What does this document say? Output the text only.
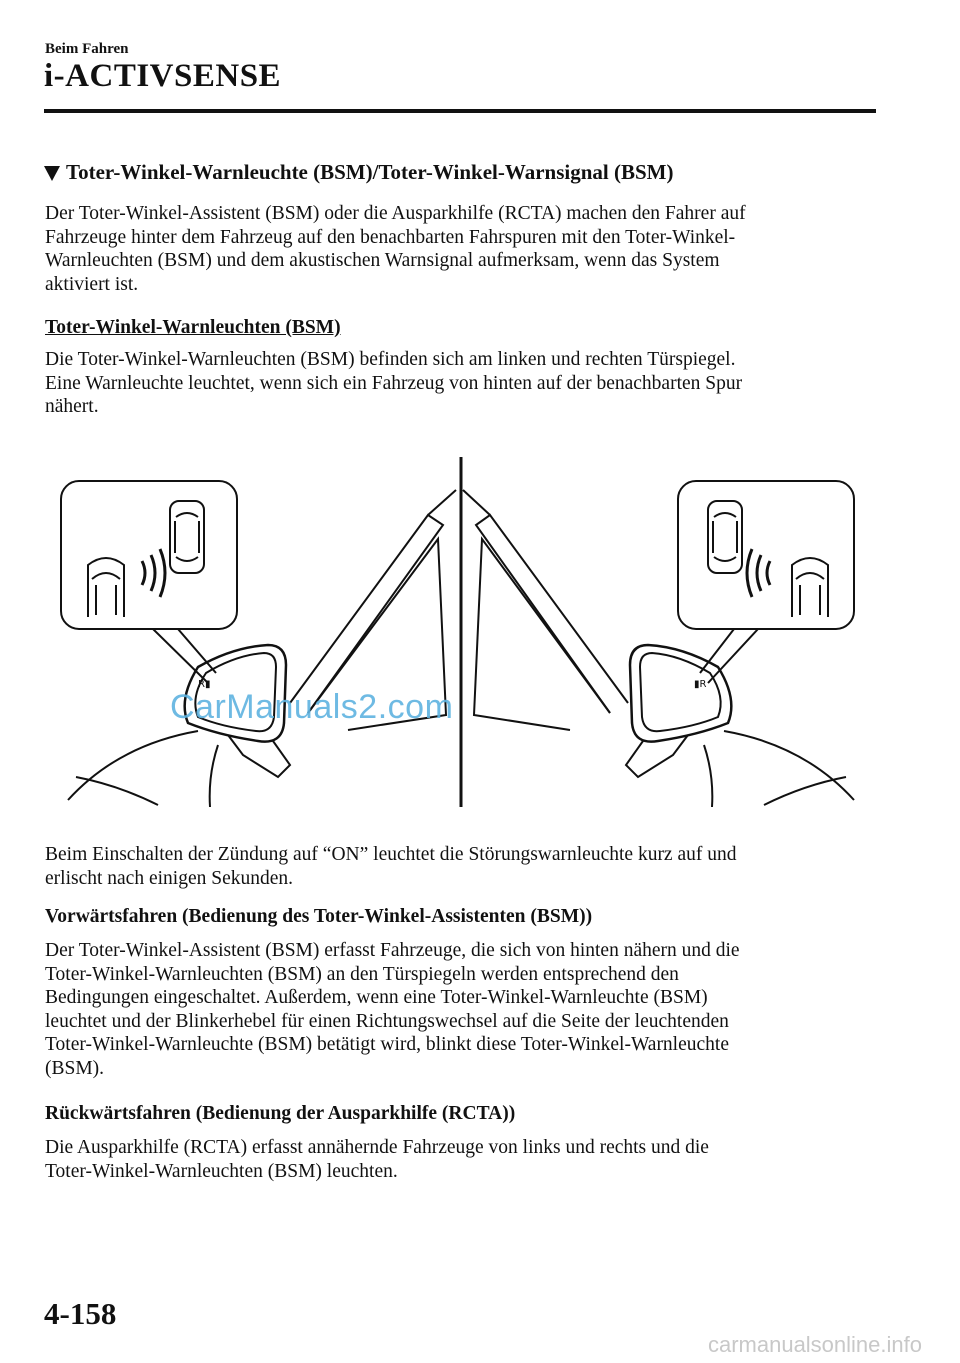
Beim Fahren
i-ACTIVSENSE
Toter-Winkel-Warnleuchte (BSM)/Toter-Winkel-Warnsignal (BSM)
Der Toter-Winkel-Assistent (BSM) oder die Ausparkhilfe (RCTA) machen den Fahrer auf
Fahrzeuge hinter dem Fahrzeug auf den benachbarten Fahrspuren mit den Toter-Winkel-
Warnleuchten (BSM) und dem akustischen Warnsignal aufmerksam, wenn das System
aktiviert ist.
Toter-Winkel-Warnleuchten (BSM)
Die Toter-Winkel-Warnleuchten (BSM) befinden sich am linken und rechten Türspiegel.
Eine Warnleuchte leuchtet, wenn sich ein Fahrzeug von hinten auf der benachbarten Spur
nähert.
R▮	▮R
CarManuals2.com
Beim Einschalten der Zündung auf “ON” leuchtet die Störungswarnleuchte kurz auf und
erlischt nach einigen Sekunden.
Vorwärtsfahren (Bedienung des Toter-Winkel-Assistenten (BSM))
Der Toter-Winkel-Assistent (BSM) erfasst Fahrzeuge, die sich von hinten nähern und die
Toter-Winkel-Warnleuchten (BSM) an den Türspiegeln werden entsprechend den
Bedingungen eingeschaltet. Außerdem, wenn eine Toter-Winkel-Warnleuchte (BSM)
leuchtet und der Blinkerhebel für einen Richtungswechsel auf die Seite der leuchtenden
Toter-Winkel-Warnleuchte (BSM) betätigt wird, blinkt diese Toter-Winkel-Warnleuchte
(BSM).
Rückwärtsfahren (Bedienung der Ausparkhilfe (RCTA))
Die Ausparkhilfe (RCTA) erfasst annähernde Fahrzeuge von links und rechts und die
Toter-Winkel-Warnleuchten (BSM) leuchten.
4-158
carmanualsonline.info
